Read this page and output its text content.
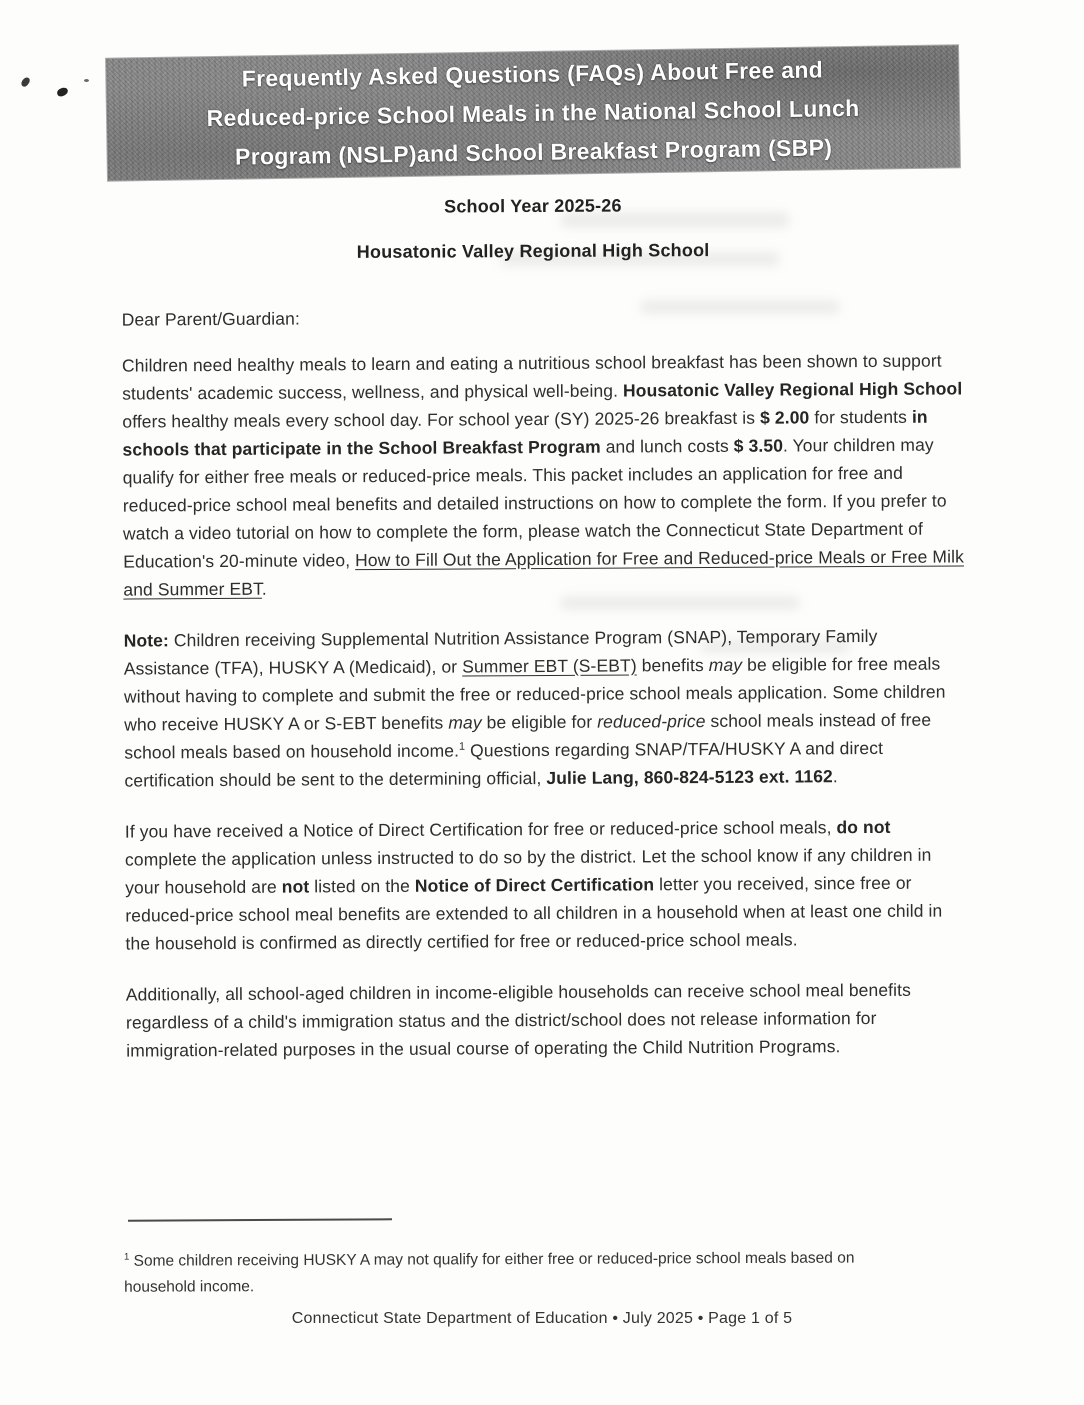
Frequently Asked Questions (FAQs) About Free and
Reduced-price School Meals in the National School Lunch
Program (NSLP)and School Breakfast Program (SBP)
School Year 2025-26
Housatonic Valley Regional High School

Dear Parent/Guardian:

Children need healthy meals to learn and eating a nutritious school breakfast has been shown to support students' academic success, wellness, and physical well-being. Housatonic Valley Regional High School offers healthy meals every school day. For school year (SY) 2025-26 breakfast is $ 2.00 for students in schools that participate in the School Breakfast Program and lunch costs $ 3.50. Your children may qualify for either free meals or reduced-price meals. This packet includes an application for free and reduced-price school meal benefits and detailed instructions on how to complete the form. If you prefer to watch a video tutorial on how to complete the form, please watch the Connecticut State Department of Education's 20-minute video, How to Fill Out the Application for Free and Reduced-price Meals or Free Milk and Summer EBT.

Note: Children receiving Supplemental Nutrition Assistance Program (SNAP), Temporary Family Assistance (TFA), HUSKY A (Medicaid), or Summer EBT (S-EBT) benefits may be eligible for free meals without having to complete and submit the free or reduced-price school meals application. Some children who receive HUSKY A or S-EBT benefits may be eligible for reduced-price school meals instead of free school meals based on household income.$^1$ Questions regarding SNAP/TFA/HUSKY A and direct certification should be sent to the determining official, Julie Lang, 860-824-5123 ext. 1162.

If you have received a Notice of Direct Certification for free or reduced-price school meals, do not complete the application unless instructed to do so by the district. Let the school know if any children in your household are not listed on the Notice of Direct Certification letter you received, since free or reduced-price school meal benefits are extended to all children in a household when at least one child in the household is confirmed as directly certified for free or reduced-price school meals.

Additionally, all school-aged children in income-eligible households can receive school meal benefits regardless of a child's immigration status and the district/school does not release information for immigration-related purposes in the usual course of operating the Child Nutrition Programs.

$^1$ Some children receiving HUSKY A may not qualify for either free or reduced-price school meals based on household income.

Connecticut State Department of Education • July 2025 • Page 1 of 5
